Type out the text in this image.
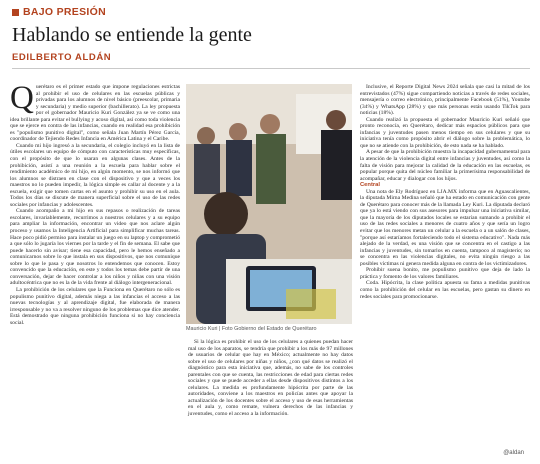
BAJO PRESIÓN
Hablando se entiende la gente
EDILBERTO ALDÁN

Querétaro es el primer estado que impone regulaciones estrictas al prohibir el uso de celulares en las escuelas públicas y privadas para los alumnos de nivel básico (preescolar, primaria y secundaria) y medio superior (bachillerato). La ley propuesta por el gobernador Mauricio Kuri González ya se ve como una idea brillante para evitar el bullying y acoso digital, así como toda violencia que se ejerce en contra de las infancias, cuando en realidad esa prohibición es "populismo punitivo digital", como señala Juan Martín Pérez García, coordinador de Tejiendo Redes Infancia en América Latina y el Caribe.

Cuando mi hijo ingresó a la secundaria, el colegio incluyó en la lista de útiles escolares un equipo de cómputo con características muy específicas, con el propósito de que lo usaran en algunas clases. Antes de la prohibición, asistí a una reunión a la escuela para hablar sobre el rendimiento académico de mi hijo, en algún momento, se nos informó que los alumnos se distraen en clase con el dispositivo y que a veces los maestros no lo pueden impedir, la lógica simple es callar al docente y a la escuela, exigir que tomen cartas en el asunto y prohibir su uso en el aula. Todos los días se discute de manera superficial sobre el uso de las redes sociales por infancias y adolescentes.

Cuando acompaño a mi hijo en sus repasos o realización de tareas escolares, invariablemente, recurrimos a nuestros celulares y a su equipo para ampliar la información, encontrar un video que nos aclare algún proceso y usamos la Inteligencia Artificial para simplificar muchas tareas. Hace poco pidió permiso para instalar un juego en su laptop y comprometió a que sólo lo jugaría los viernes por la tarde y el fin de semana. El sabe que puede hacerlo sin avisar; tiene esa capacidad, pero le hemos enseñado a comunicarnos sobre lo que instala en sus dispositivos, que nos comunique sobre lo que le pasa y que nosotros lo entendemos que conocen. Estoy convencido que la educación, en este y todos los temas debe partir de una conversación, dejar de hacer controlar a los niños y niñas con una visión adultocéntrica que no es la de la vida frente al diálogo intergeneracional.

La prohibición de los celulares que la Funciona en Querétaro no sólo es populismo punitivo digital, además niega a las infancias el acceso a las nuevas tecnologías y al aprendizaje digital, fue elaborada de manera irresponsable y no va a resolver ninguno de los problemas que dice atender. Está demostrado que ninguna prohibición funciona si no hay conciencia social.

Mauricio Kuri | Foto Gobierno del Estado de Querétaro

Si la lógica es prohibir el uso de los celulares a quienes puedan hacer mal uso de los aparatos, se tendría que prohibir a los más de 97 millones de usuarios de celular que hay en México; actualmente no hay datos sobre el uso de celulares por niñas y niños, ¿con qué datos se realizó el diagnóstico para esta iniciativa que, además, no sabe de los controles parentales con que se cuenta, las restricciones de edad para ciertas redes sociales y que se puede acceder a ellas desde dispositivos distintos a los celulares. La medida es profundamente hipócrita por parte de las autoridades, conviene a los maestros en policías antes que apoyar la actualización de los docentes sobre el acceso y uso de esas herramientas en el aula y, como remate, vulnera derechos de las infancias y juventudes, como el acceso a la información.

Inclusive, el Reporte Digital News 2024 señala que casi la mitad de los entrevistados (47%) sigue compartiendo noticias a través de redes sociales, mensajería o correo electrónico, principalmente Facebook (51%), Youtube (34%) y WhatsApp (28%) y que más personas están usando TikTok para noticias (18%).

Cuando realizó la propuesta el gobernador Mauricio Kuri señaló que pronto reconocía, en Querétaro, dedicar más espacios públicos para que infancias y juventudes pasen menos tiempo en sus celulares y que su iniciativa tenía como propósito abrir el diálogo sobre la problemática, lo que no se atiende con la prohibición, de esto nada se ha hablado.

A pesar de que la prohibición muestra la incapacidad gubernamental para la atención de la violencia digital entre infancias y juventudes, así como la falta de visión para mejorar la calidad de la educación en las escuelas, es popular porque quita del núcleo familiar la primerísima responsabilidad de acompañar, educar y dialogar con los hijos.

Central

Una nota de Ely Rodríguez en LJA.MX informa que en Aguascalientes, la diputada Mirna Medina señaló que ha estado en comunicación con gente de Querétaro para conocer más de la llamada Ley Kuri. La diputada declaró que ya lo está viendo con sus asesores para impulsar una iniciativa similar, que la mayoría de los diputados locales se estarían sumando a prohibir el uso de las redes sociales a menores de cuatro años y que sería un logro evitar que los menores metan un celular a la escuela o a un salón de clases, "porque así estaríamos fortaleciendo todo el sistema educativo". Nada más alejado de la verdad, es una visión que se concentra en el castigo a las infancias y juventudes, sin tomarlos en cuenta, tampoco al magisterio; no se concentra en las violencias digitales, no evita ningún riesgo a las posibles víctimas ni genera medida alguna en contra de los victimizadores.

Prohibir suena bonito, me populismo punitivo que deja de lado la práctica y fomento de los valores familiares.

Coda. Hipócrita, la clase política apuesta su fama a medidas punitivas como la prohibición del celular en las escuelas, pero gastan su dinero en redes sociales para promocionarse.

@aldan
